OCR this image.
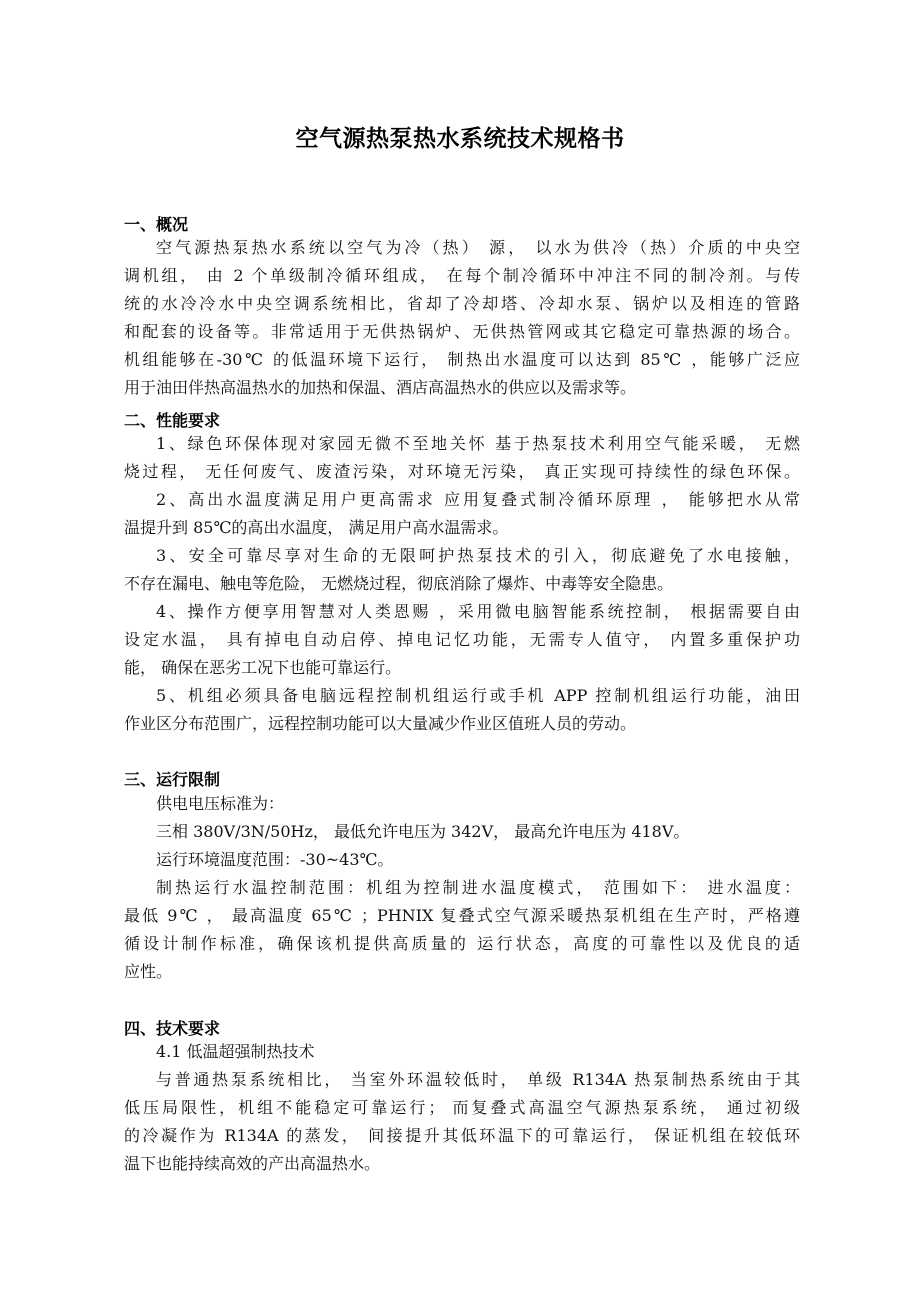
空气源热泵热水系统技术规格书
一、概况
空气源热泵热水系统以空气为冷（热） 源， 以水为供冷（热）介质的中央空
调机组， 由 2 个单级制冷循环组成， 在每个制冷循环中冲注不同的制冷剂。与传
统的水冷冷水中央空调系统相比，省却了冷却塔、冷却水泵、锅炉以及相连的管路
和配套的设备等。非常适用于无供热锅炉、无供热管网或其它稳定可靠热源的场合。
机组能够在-30℃ 的低温环境下运行， 制热出水温度可以达到 85℃ ，能够广泛应
用于油田伴热高温热水的加热和保温、酒店高温热水的供应以及需求等。
二、性能要求
1、绿色环保体现对家园无微不至地关怀 基于热泵技术利用空气能采暖， 无燃
烧过程， 无任何废气、废渣污染，对环境无污染， 真正实现可持续性的绿色环保。
2、高出水温度满足用户更高需求 应用复叠式制冷循环原理 ， 能够把水从常
温提升到 85℃的高出水温度， 满足用户高水温需求。
3、安全可靠尽享对生命的无限呵护热泵技术的引入，彻底避免了水电接触，
不存在漏电、触电等危险， 无燃烧过程，彻底消除了爆炸、中毒等安全隐患。
4、操作方便享用智慧对人类恩赐 ，采用微电脑智能系统控制， 根据需要自由
设定水温， 具有掉电自动启停、掉电记忆功能，无需专人值守， 内置多重保护功
能， 确保在恶劣工况下也能可靠运行。
5、机组必须具备电脑远程控制机组运行或手机 APP 控制机组运行功能，油田
作业区分布范围广，远程控制功能可以大量减少作业区值班人员的劳动。
三、运行限制
供电电压标准为：
三相 380V/3N/50Hz， 最低允许电压为 342V， 最高允许电压为 418V。
运行环境温度范围：-30~43℃。
制热运行水温控制范围：机组为控制进水温度模式， 范围如下： 进水温度：
最低 9℃ ， 最高温度 65℃ ；PHNIX 复叠式空气源采暖热泵机组在生产时，严格遵
循设计制作标准，确保该机提供高质量的 运行状态，高度的可靠性以及优良的适
应性。
四、技术要求
4.1 低温超强制热技术
与普通热泵系统相比， 当室外环温较低时， 单级 R134A 热泵制热系统由于其
低压局限性，机组不能稳定可靠运行； 而复叠式高温空气源热泵系统， 通过初级
的冷凝作为 R134A 的蒸发， 间接提升其低环温下的可靠运行， 保证机组在较低环
温下也能持续高效的产出高温热水。
